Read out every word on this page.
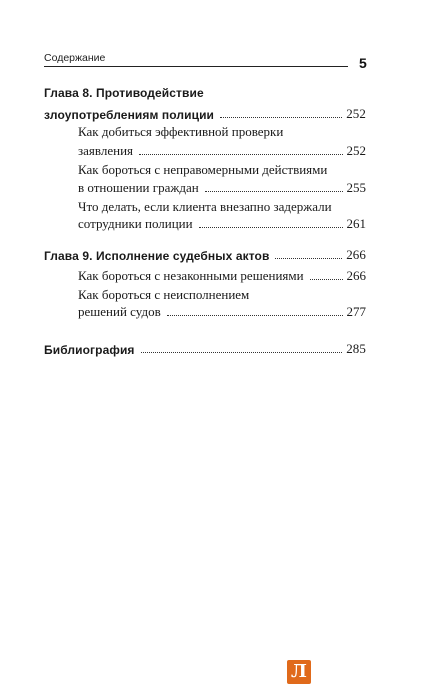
Содержание	5
Глава 8. Противодействие
злоупотреблениям полиции	252
Как добиться эффективной проверки
заявления	252
Как бороться с неправомерными действиями
в отношении граждан	255
Что делать, если клиента внезапно задержали
сотрудники полиции	261
Глава 9. Исполнение судебных актов	266
Как бороться с незаконными решениями	266
Как бороться с неисполнением
решений судов	277
Библиография	285
Л
